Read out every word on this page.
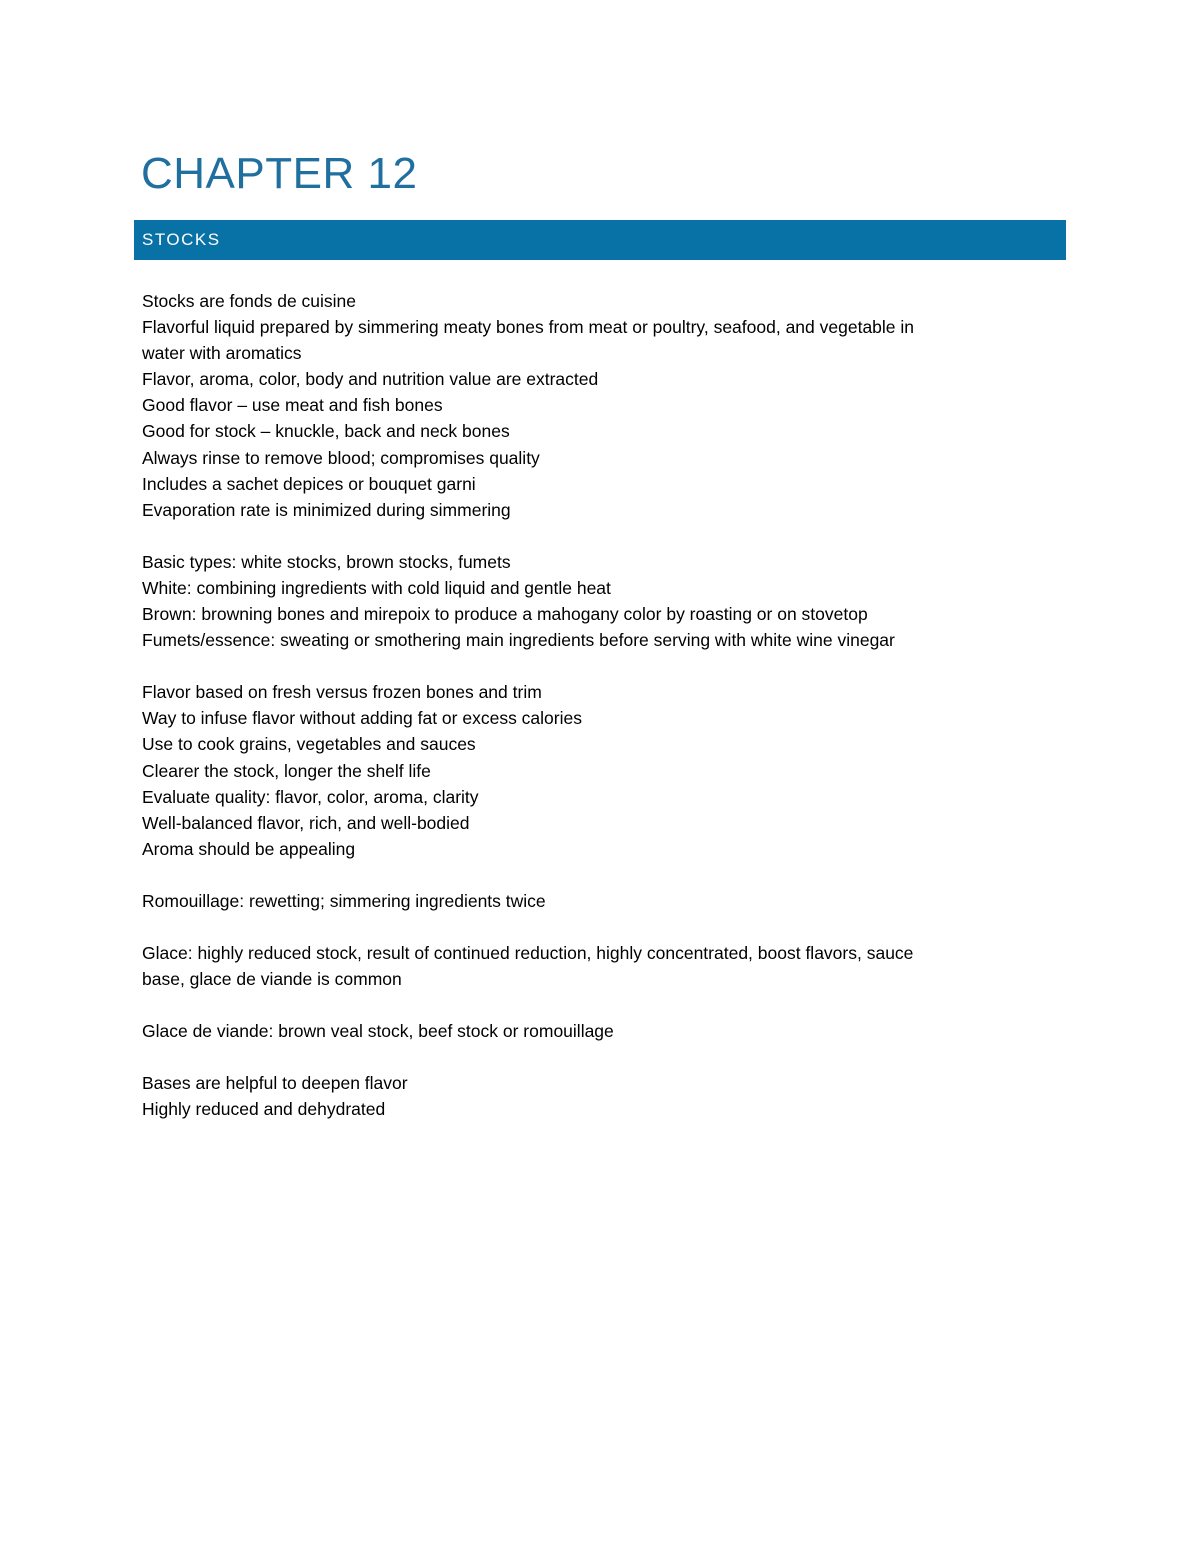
CHAPTER 12
STOCKS
Stocks are fonds de cuisine
Flavorful liquid prepared by simmering meaty bones from meat or poultry, seafood, and vegetable in
water with aromatics
Flavor, aroma, color, body and nutrition value are extracted
Good flavor – use meat and fish bones
Good for stock – knuckle, back and neck bones
Always rinse to remove blood; compromises quality
Includes a sachet depices or bouquet garni
Evaporation rate is minimized during simmering
Basic types: white stocks, brown stocks, fumets
White: combining ingredients with cold liquid and gentle heat
Brown: browning bones and mirepoix to produce a mahogany color by roasting or on stovetop
Fumets/essence: sweating or smothering main ingredients before serving with white wine vinegar
Flavor based on fresh versus frozen bones and trim
Way to infuse flavor without adding fat or excess calories
Use to cook grains, vegetables and sauces
Clearer the stock, longer the shelf life
Evaluate quality: flavor, color, aroma, clarity
Well-balanced flavor, rich, and well-bodied
Aroma should be appealing
Romouillage: rewetting; simmering ingredients twice
Glace: highly reduced stock, result of continued reduction, highly concentrated, boost flavors, sauce
base, glace de viande is common
Glace de viande: brown veal stock, beef stock or romouillage
Bases are helpful to deepen flavor
Highly reduced and dehydrated
